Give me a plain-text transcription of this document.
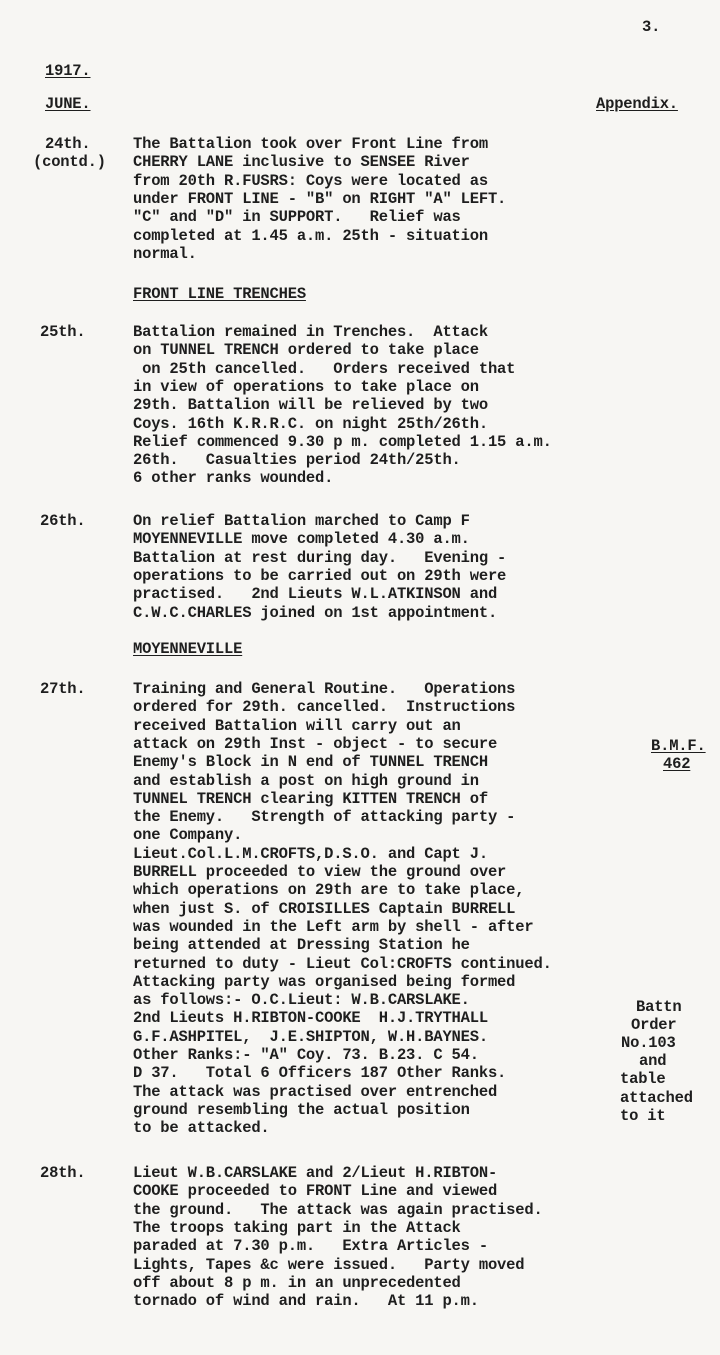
3.
1917.
JUNE.	Appendix.
24th.
(contd.)
The Battalion took over Front Line from
CHERRY LANE inclusive to SENSEE River
from 20th R.FUSRS: Coys were located as
under FRONT LINE - "B" on RIGHT "A" LEFT.
"C" and "D" in SUPPORT.   Relief was
completed at 1.45 a.m. 25th - situation
normal.
FRONT LINE TRENCHES
25th.	Battalion remained in Trenches.  Attack
on TUNNEL TRENCH ordered to take place
on 25th cancelled.   Orders received that
in view of operations to take place on
29th. Battalion will be relieved by two
Coys. 16th K.R.R.C. on night 25th/26th.
Relief commenced 9.30 p m. completed 1.15 a.m.
26th.   Casualties period 24th/25th.
6 other ranks wounded.
26th.	On relief Battalion marched to Camp F
MOYENNEVILLE move completed 4.30 a.m.
Battalion at rest during day.   Evening -
operations to be carried out on 29th were
practised.   2nd Lieuts W.L.ATKINSON and
C.W.C.CHARLES joined on 1st appointment.
MOYENNEVILLE
27th.	Training and General Routine.   Operations
ordered for 29th. cancelled.  Instructions
received Battalion will carry out an
attack on 29th Inst - object - to secure
Enemy's Block in N end of TUNNEL TRENCH
and establish a post on high ground in
TUNNEL TRENCH clearing KITTEN TRENCH of
the Enemy.   Strength of attacking party -
one Company.
Lieut.Col.L.M.CROFTS,D.S.O. and Capt J.
BURRELL proceeded to view the ground over
which operations on 29th are to take place,
when just S. of CROISILLES Captain BURRELL
was wounded in the Left arm by shell - after
being attended at Dressing Station he
returned to duty - Lieut Col:CROFTS continued.
Attacking party was organised being formed
as follows:- O.C.Lieut: W.B.CARSLAKE.
2nd Lieuts H.RIBTON-COOKE  H.J.TRYTHALL
G.F.ASHPITEL,  J.E.SHIPTON, W.H.BAYNES.
Other Ranks:- "A" Coy. 73. B.23. C 54.
D 37.   Total 6 Officers 187 Other Ranks.
The attack was practised over entrenched
ground resembling the actual position
to be attacked.
B.M.F.
462
Battn
Order
No.103
and
table
attached
to it
28th.	Lieut W.B.CARSLAKE and 2/Lieut H.RIBTON-
COOKE proceeded to FRONT Line and viewed
the ground.   The attack was again practised.
The troops taking part in the Attack
paraded at 7.30 p.m.   Extra Articles -
Lights, Tapes &c were issued.   Party moved
off about 8 p m. in an unprecedented
tornado of wind and rain.   At 11 p.m.
